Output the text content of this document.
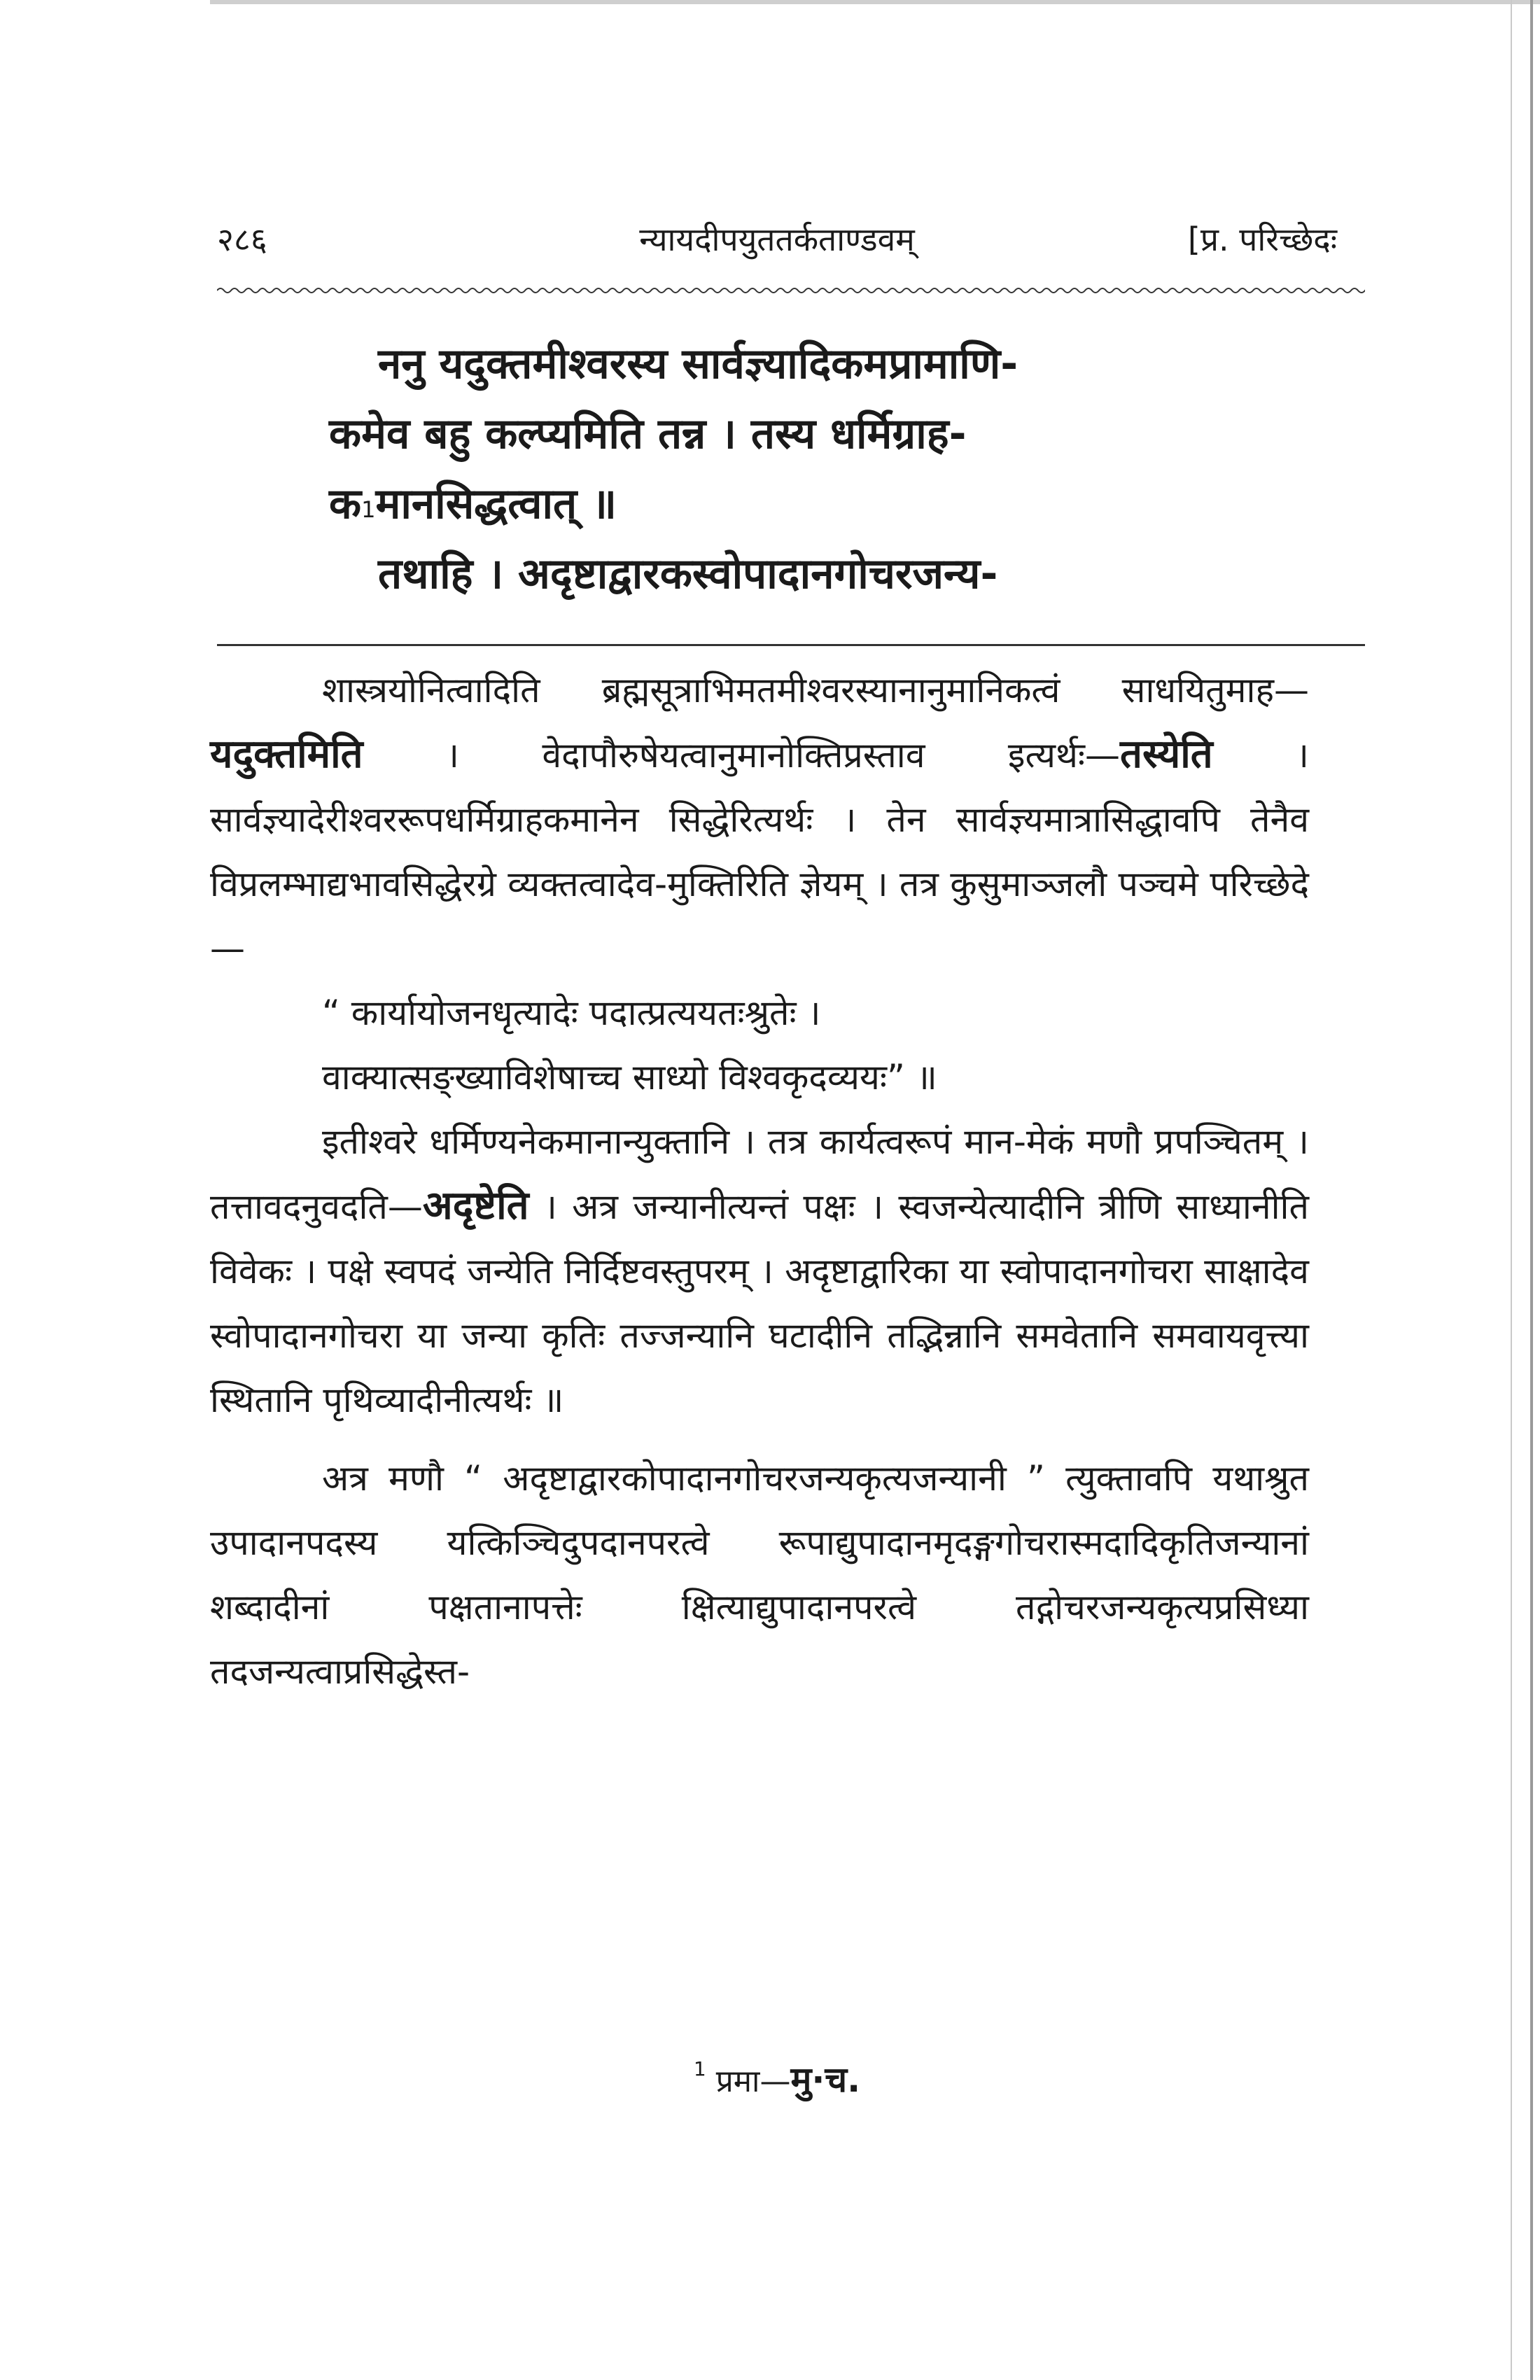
२८६	न्यायदीपयुततर्कताण्डवम्	[प्र. परिच्छेदः

ननु यदुक्तमीश्वरस्य सार्वज्ञ्यादिकमप्रामाणि-

कमेव बहु कल्प्यमिति तन्न । तस्य धर्मिग्राह-

क$^1$मानसिद्धत्वात् ॥

तथाहि । अदृष्टाद्वारकस्वोपादानगोचरजन्य-

शास्त्रयोनित्वादिति ब्रह्मसूत्राभिमतमीश्वरस्यानानुमानिकत्वं साधयितुमाह—यदुक्तमिति । वेदापौरुषेयत्वानुमानोक्तिप्रस्ताव इत्यर्थः—तस्येति । सार्वज्ञ्यादेरीश्वररूपधर्मिग्राहकमानेन सिद्धेरित्यर्थः । तेन सार्वज्ञ्यमात्रासिद्धावपि तेनैव विप्रलम्भाद्यभावसिद्धेरग्रे व्यक्तत्वादेव-मुक्तिरिति ज्ञेयम् । तत्र कुसुमाञ्जलौ पञ्चमे परिच्छेदे—

“ कार्यायोजनधृत्यादेः पदात्प्रत्ययतःश्रुतेः ।

वाक्यात्सङ्ख्याविशेषाच्च साध्यो विश्वकृदव्ययः” ॥

इतीश्वरे धर्मिण्यनेकमानान्युक्तानि । तत्र कार्यत्वरूपं मान-मेकं मणौ प्रपञ्चितम् । तत्तावदनुवदति—अदृष्टेति । अत्र जन्यानीत्यन्तं पक्षः । स्वजन्येत्यादीनि त्रीणि साध्यानीति विवेकः । पक्षे स्वपदं जन्येति निर्दिष्टवस्तुपरम् । अदृष्टाद्वारिका या स्वोपादानगोचरा साक्षादेव स्वोपादानगोचरा या जन्या कृतिः तज्जन्यानि घटादीनि तद्भिन्नानि समवेतानि समवायवृत्त्या स्थितानि पृथिव्यादीनीत्यर्थः ॥

अत्र मणौ “ अदृष्टाद्वारकोपादानगोचरजन्यकृत्यजन्यानी ” त्युक्तावपि यथाश्रुत उपादानपदस्य यत्किञ्चिदुपदानपरत्वे रूपाद्युपादानमृदङ्गगोचरास्मदादिकृतिजन्यानां शब्दादीनां पक्षतानापत्तेः क्षित्याद्युपादानपरत्वे तद्गोचरजन्यकृत्यप्रसिध्या तदजन्यत्वाप्रसिद्धेस्त-

$^1$ प्रमा—मु·च.
